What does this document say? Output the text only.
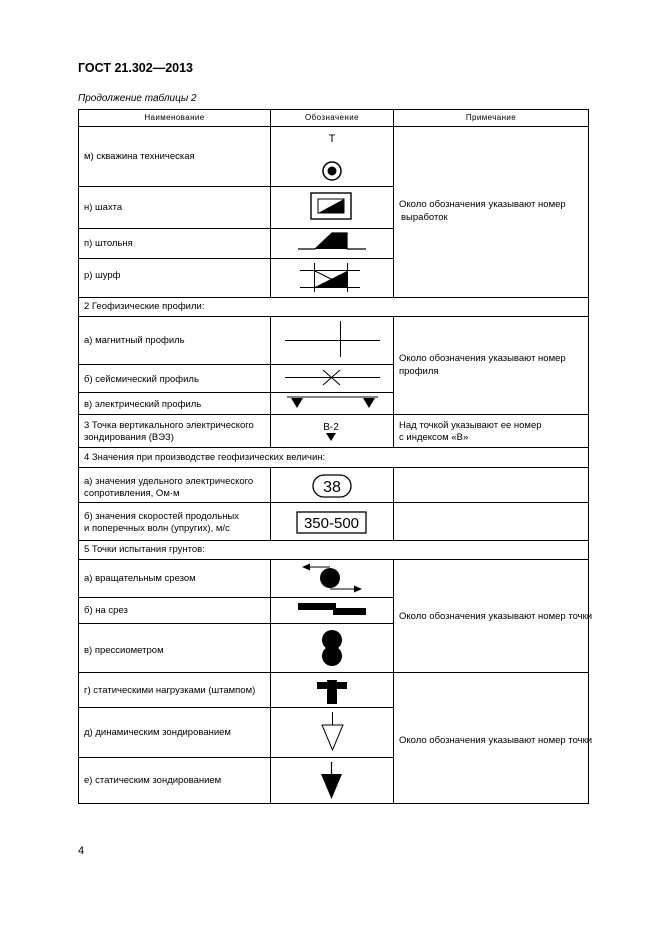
ГОСТ 21.302—2013
Продолжение таблицы 2
Наименование	Обозначение	Примечание
м) скважина техническая
н) шахта
п) штольня
р) шурф
2 Геофизические профили:
а) магнитный профиль
б) сейсмический профиль
в) электрический профиль
3 Точка вертикального электрического
зондирования (ВЭЗ)
4 Значения при производстве геофизических величин:
а) значения удельного электрического
сопротивления, Ом·м
б) значения скоростей продольных
и поперечных волн (упругих), м/с
5 Точки испытания грунтов:
а) вращательным срезом
б) на срез
в) прессиометром
г) статическими нагрузками (штампом)
д) динамическим зондированием
е) статическим зондированием
Около обозначения указывают номер
выработок
Около обозначения указывают номер
профиля
Над точкой указывают ее номер
с индексом «В»
Около обозначения указывают номер точки
Около обозначения указывают номер точки
Т
В-2
38
350-500
4
